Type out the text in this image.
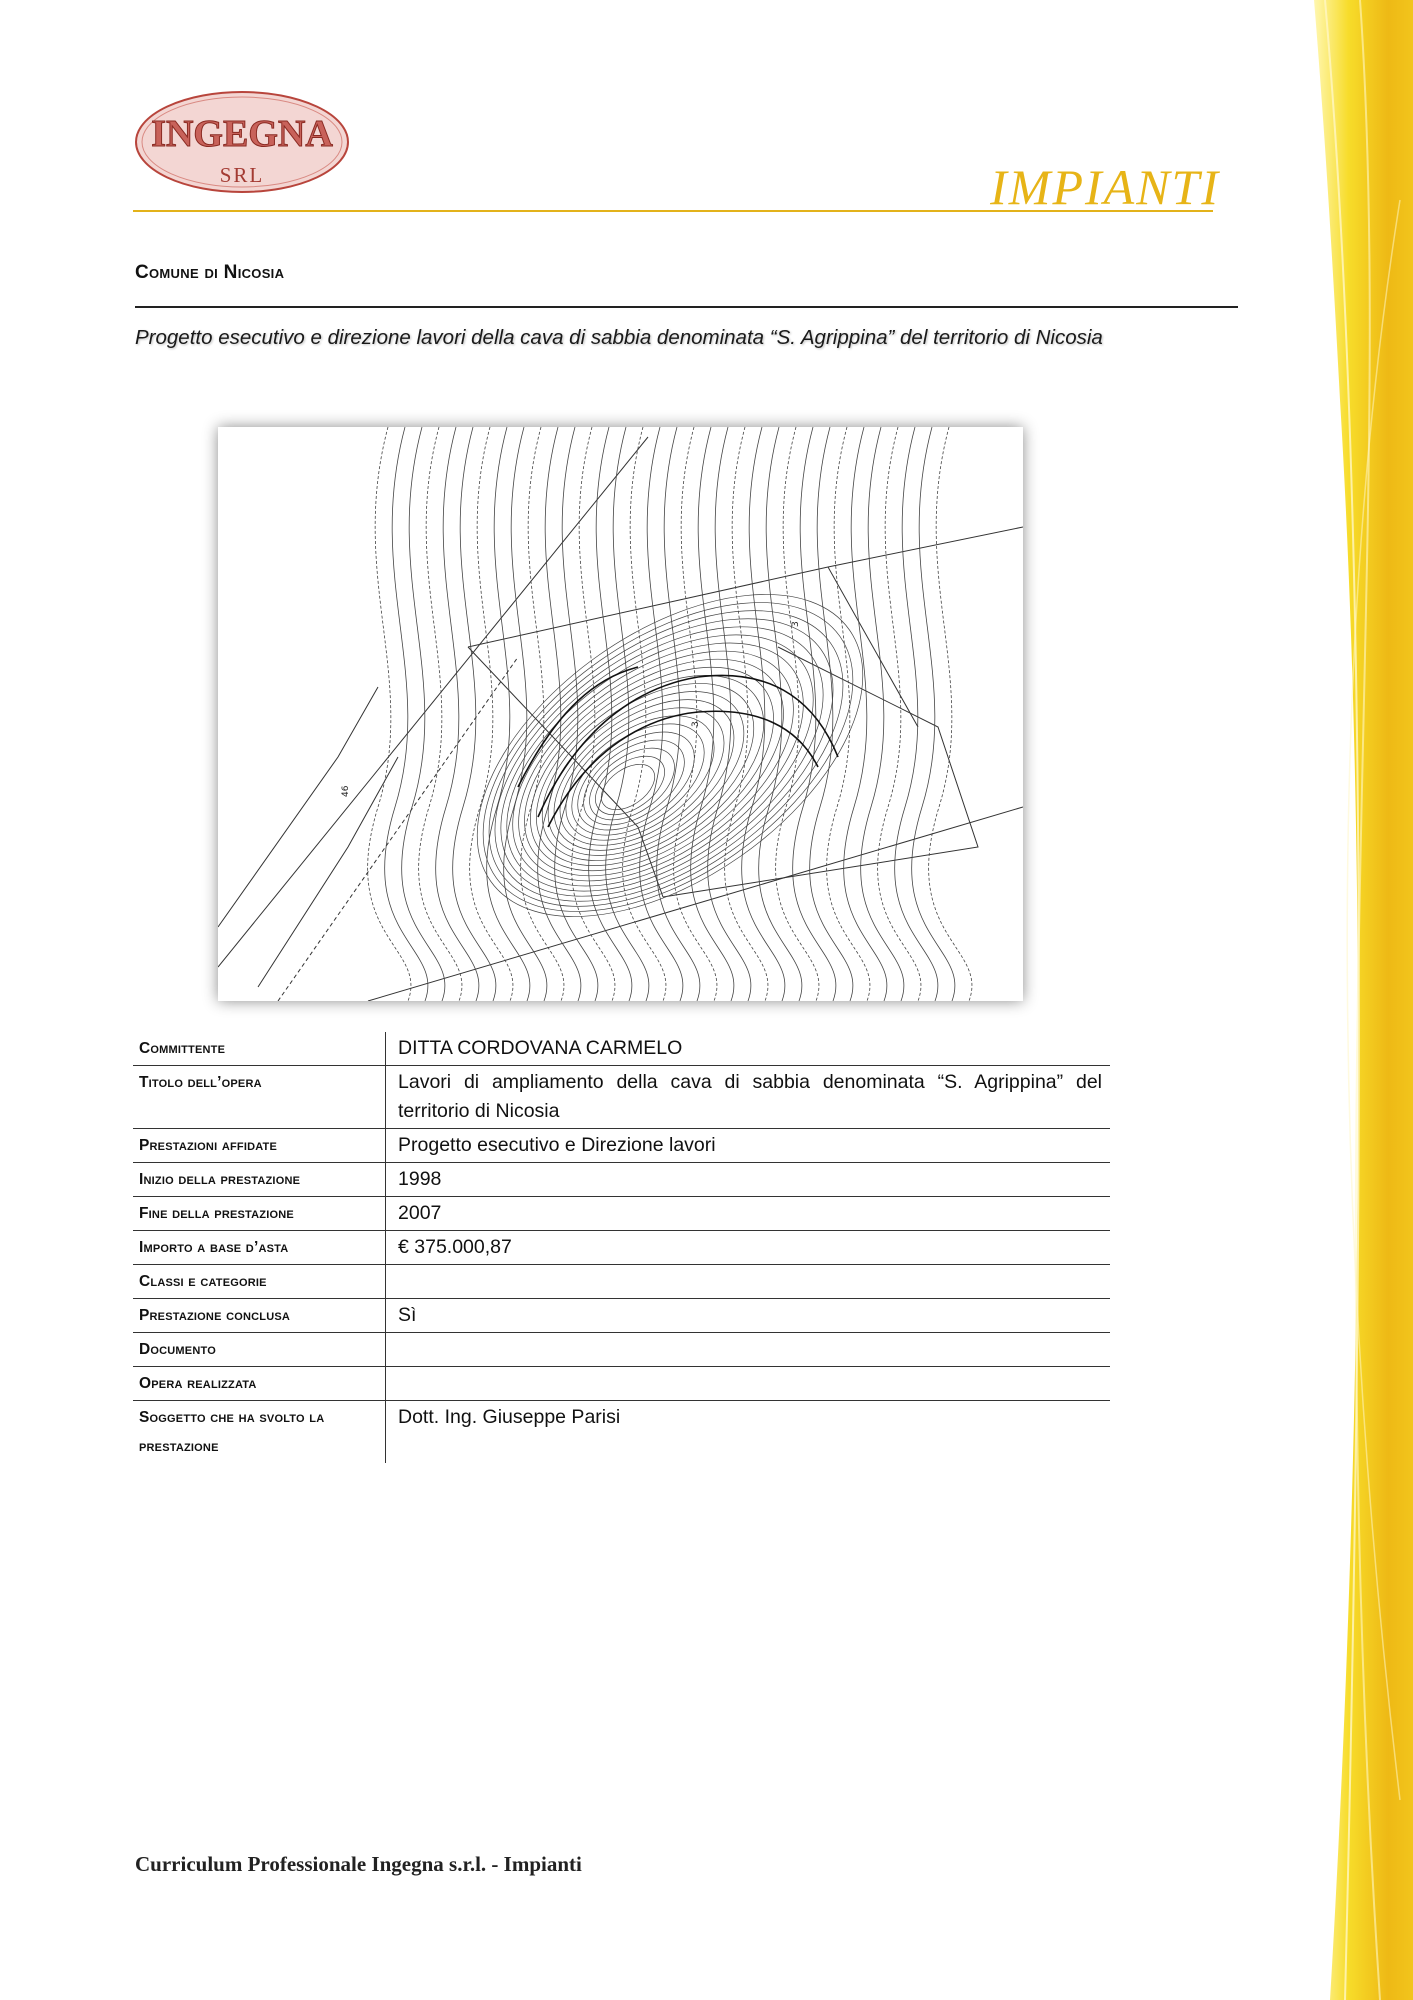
INGEGNA
SRL	IMPIANTI
Comune di Nicosia
Progetto esecutivo e direzione lavori della cava di sabbia denominata “S. Agrippina” del territorio di Nicosia
46
3
3
Committente	DITTA CORDOVANA CARMELO
Titolo dell’opera	Lavori di ampliamento della cava di sabbia denominata “S. Agrippina” del territorio di Nicosia
Prestazioni affidate	Progetto esecutivo e Direzione lavori
Inizio della prestazione	1998
Fine della prestazione	2007
Importo a base d’asta	€ 375.000,87
Classi e categorie	
Prestazione conclusa	Sì
Documento	
Opera realizzata	
Soggetto che ha svolto la prestazione	Dott. Ing. Giuseppe Parisi
Curriculum Professionale Ingegna s.r.l. - Impianti
